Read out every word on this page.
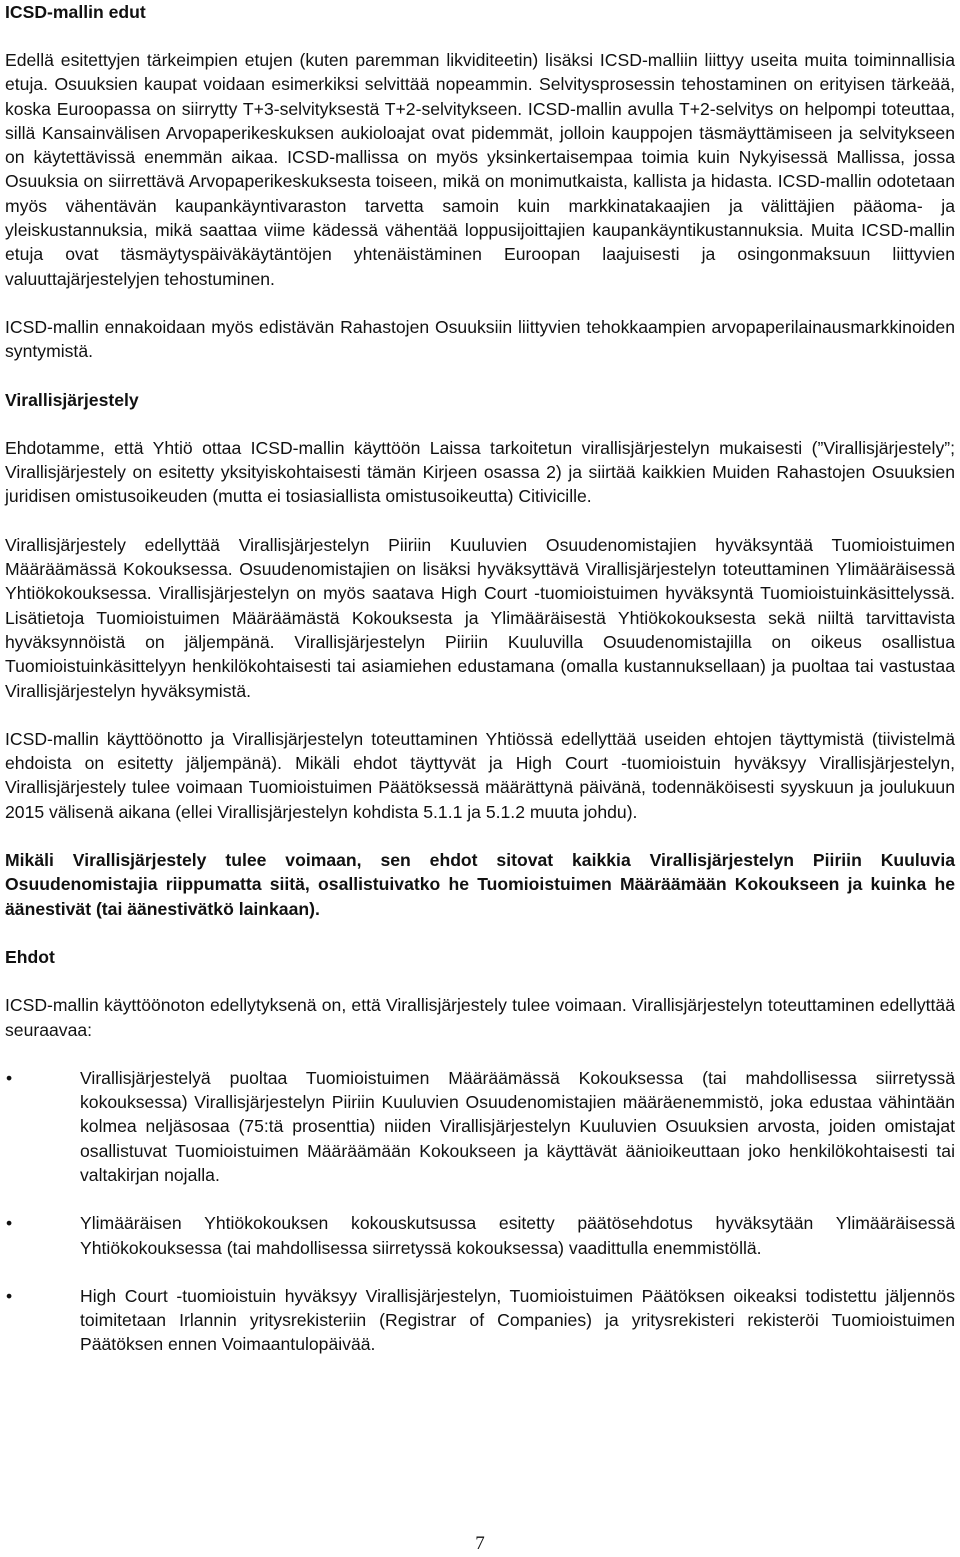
ICSD-mallin edut

Edellä esitettyjen tärkeimpien etujen (kuten paremman likviditeetin) lisäksi ICSD-malliin liittyy useita muita toiminnallisia etuja. Osuuksien kaupat voidaan esimerkiksi selvittää nopeammin. Selvitysprosessin tehostaminen on erityisen tärkeää, koska Euroopassa on siirrytty T+3-selvityksestä T+2-selvitykseen. ICSD-mallin avulla T+2-selvitys on helpompi toteuttaa, sillä Kansainvälisen Arvopaperikeskuksen aukioloajat ovat pidemmät, jolloin kauppojen täsmäyttämiseen ja selvitykseen on käytettävissä enemmän aikaa. ICSD-mallissa on myös yksinkertaisempaa toimia kuin Nykyisessä Mallissa, jossa Osuuksia on siirrettävä Arvopaperikeskuksesta toiseen, mikä on monimutkaista, kallista ja hidasta. ICSD-mallin odotetaan myös vähentävän kaupankäyntivaraston tarvetta samoin kuin markkinatakaajien ja välittäjien pääoma- ja yleiskustannuksia, mikä saattaa viime kädessä vähentää loppusijoittajien kaupankäyntikustannuksia. Muita ICSD-mallin etuja ovat täsmäytyspäiväkäytäntöjen yhtenäistäminen Euroopan laajuisesti ja osingonmaksuun liittyvien valuuttajärjestelyjen tehostuminen.

ICSD-mallin ennakoidaan myös edistävän Rahastojen Osuuksiin liittyvien tehokkaampien arvopaperilainausmarkkinoiden syntymistä.

Virallisjärjestely

Ehdotamme, että Yhtiö ottaa ICSD-mallin käyttöön Laissa tarkoitetun virallisjärjestelyn mukaisesti (”Virallisjärjestely”; Virallisjärjestely on esitetty yksityiskohtaisesti tämän Kirjeen osassa 2) ja siirtää kaikkien Muiden Rahastojen Osuuksien juridisen omistusoikeuden (mutta ei tosiasiallista omistusoikeutta) Citivicille.

Virallisjärjestely edellyttää Virallisjärjestelyn Piiriin Kuuluvien Osuudenomistajien hyväksyntää Tuomioistuimen Määräämässä Kokouksessa. Osuudenomistajien on lisäksi hyväksyttävä Virallisjärjestelyn toteuttaminen Ylimääräisessä Yhtiökokouksessa. Virallisjärjestelyn on myös saatava High Court -tuomioistuimen hyväksyntä Tuomioistuinkäsittelyssä. Lisätietoja Tuomioistuimen Määräämästä Kokouksesta ja Ylimääräisestä Yhtiökokouksesta sekä niiltä tarvittavista hyväksynnöistä on jäljempänä. Virallisjärjestelyn Piiriin Kuuluvilla Osuudenomistajilla on oikeus osallistua Tuomioistuinkäsittelyyn henkilökohtaisesti tai asiamiehen edustamana (omalla kustannuksellaan) ja puoltaa tai vastustaa Virallisjärjestelyn hyväksymistä.

ICSD-mallin käyttöönotto ja Virallisjärjestelyn toteuttaminen Yhtiössä edellyttää useiden ehtojen täyttymistä (tiivistelmä ehdoista on esitetty jäljempänä). Mikäli ehdot täyttyvät ja High Court -tuomioistuin hyväksyy Virallisjärjestelyn, Virallisjärjestely tulee voimaan Tuomioistuimen Päätöksessä määrättynä päivänä, todennäköisesti syyskuun ja joulukuun 2015 välisenä aikana (ellei Virallisjärjestelyn kohdista 5.1.1 ja 5.1.2 muuta johdu).

Mikäli Virallisjärjestely tulee voimaan, sen ehdot sitovat kaikkia Virallisjärjestelyn Piiriin Kuuluvia Osuudenomistajia riippumatta siitä, osallistuivatko he Tuomioistuimen Määräämään Kokoukseen ja kuinka he äänestivät (tai äänestivätkö lainkaan).

Ehdot

ICSD-mallin käyttöönoton edellytyksenä on, että Virallisjärjestely tulee voimaan. Virallisjärjestelyn toteuttaminen edellyttää seuraavaa:

•	Virallisjärjestelyä puoltaa Tuomioistuimen Määräämässä Kokouksessa (tai mahdollisessa siirretyssä kokouksessa) Virallisjärjestelyn Piiriin Kuuluvien Osuudenomistajien määräenemmistö, joka edustaa vähintään kolmea neljäsosaa (75:tä prosenttia) niiden Virallisjärjestelyn Kuuluvien Osuuksien arvosta, joiden omistajat osallistuvat Tuomioistuimen Määräämään Kokoukseen ja käyttävät äänioikeuttaan joko henkilökohtaisesti tai valtakirjan nojalla.
•	Ylimääräisen Yhtiökokouksen kokouskutsussa esitetty päätösehdotus hyväksytään Ylimääräisessä Yhtiökokouksessa (tai mahdollisessa siirretyssä kokouksessa) vaadittulla enemmistöllä.
•	High Court -tuomioistuin hyväksyy Virallisjärjestelyn, Tuomioistuimen Päätöksen oikeaksi todistettu jäljennös toimitetaan Irlannin yritysrekisteriin (Registrar of Companies) ja yritysrekisteri rekisteröi Tuomioistuimen Päätöksen ennen Voimaantulopäivää.
7
